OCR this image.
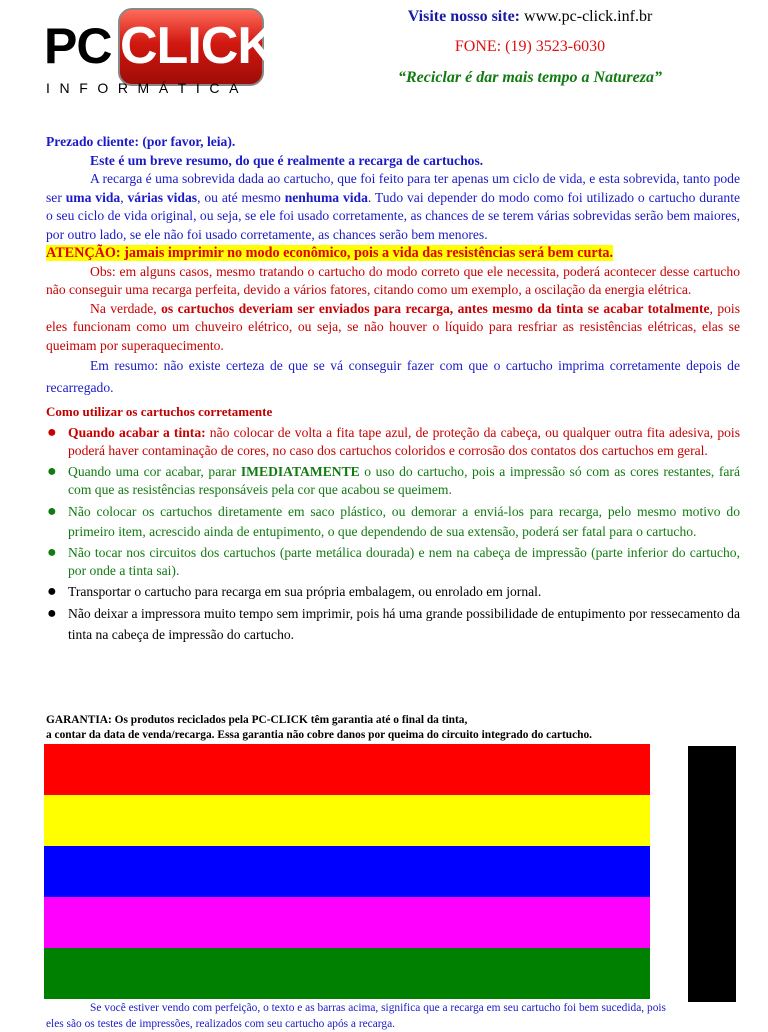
PC CLICK
INFORMÁTICA
Visite nosso site: www.pc-click.inf.br
FONE: (19) 3523-6030
“Reciclar é dar mais tempo a Natureza”

Prezado cliente: (por favor, leia).

Este é um breve resumo, do que é realmente a recarga de cartuchos.

A recarga é uma sobrevida dada ao cartucho, que foi feito para ter apenas um ciclo de vida, e esta sobrevida, tanto pode ser uma vida, várias vidas, ou até mesmo nenhuma vida. Tudo vai depender do modo como foi utilizado o cartucho durante o seu ciclo de vida original, ou seja, se ele foi usado corretamente, as chances de se terem várias sobrevidas serão bem maiores, por outro lado, se ele não foi usado corretamente, as chances serão bem menores.

ATENÇÃO: jamais imprimir no modo econômico, pois a vida das resistências será bem curta.

Obs: em alguns casos, mesmo tratando o cartucho do modo correto que ele necessita, poderá acontecer desse cartucho não conseguir uma recarga perfeita, devido a vários fatores, citando como um exemplo, a oscilação da energia elétrica.

Na verdade, os cartuchos deveriam ser enviados para recarga, antes mesmo da tinta se acabar totalmente, pois eles funcionam como um chuveiro elétrico, ou seja, se não houver o líquido para resfriar as resistências elétricas, elas se queimam por superaquecimento.

Em resumo: não existe certeza de que se vá conseguir fazer com que o cartucho imprima corretamente depois de recarregado.

Como utilizar os cartuchos corretamente

● Quando acabar a tinta: não colocar de volta a fita tape azul, de proteção da cabeça, ou qualquer outra fita adesiva, pois poderá haver contaminação de cores, no caso dos cartuchos coloridos e corrosão dos contatos dos cartuchos em geral.
● Quando uma cor acabar, parar IMEDIATAMENTE o uso do cartucho, pois a impressão só com as cores restantes, fará com que as resistências responsáveis pela cor que acabou se queimem.
● Não colocar os cartuchos diretamente em saco plástico, ou demorar a enviá-los para recarga, pelo mesmo motivo do primeiro item, acrescido ainda de entupimento, o que dependendo de sua extensão, poderá ser fatal para o cartucho.
● Não tocar nos circuitos dos cartuchos (parte metálica dourada) e nem na cabeça de impressão (parte inferior do cartucho, por onde a tinta sai).
● Transportar o cartucho para recarga em sua própria embalagem, ou enrolado em jornal.
● Não deixar a impressora muito tempo sem imprimir, pois há uma grande possibilidade de entupimento por ressecamento da tinta na cabeça de impressão do cartucho.
GARANTIA: Os produtos reciclados pela PC-CLICK têm garantia até o final da tinta,
a contar da data de venda/recarga. Essa garantia não cobre danos por queima do circuito integrado do cartucho.

Se você estiver vendo com perfeição, o texto e as barras acima, significa que a recarga em seu cartucho foi bem sucedida, pois eles são os testes de impressões, realizados com seu cartucho após a recarga.
